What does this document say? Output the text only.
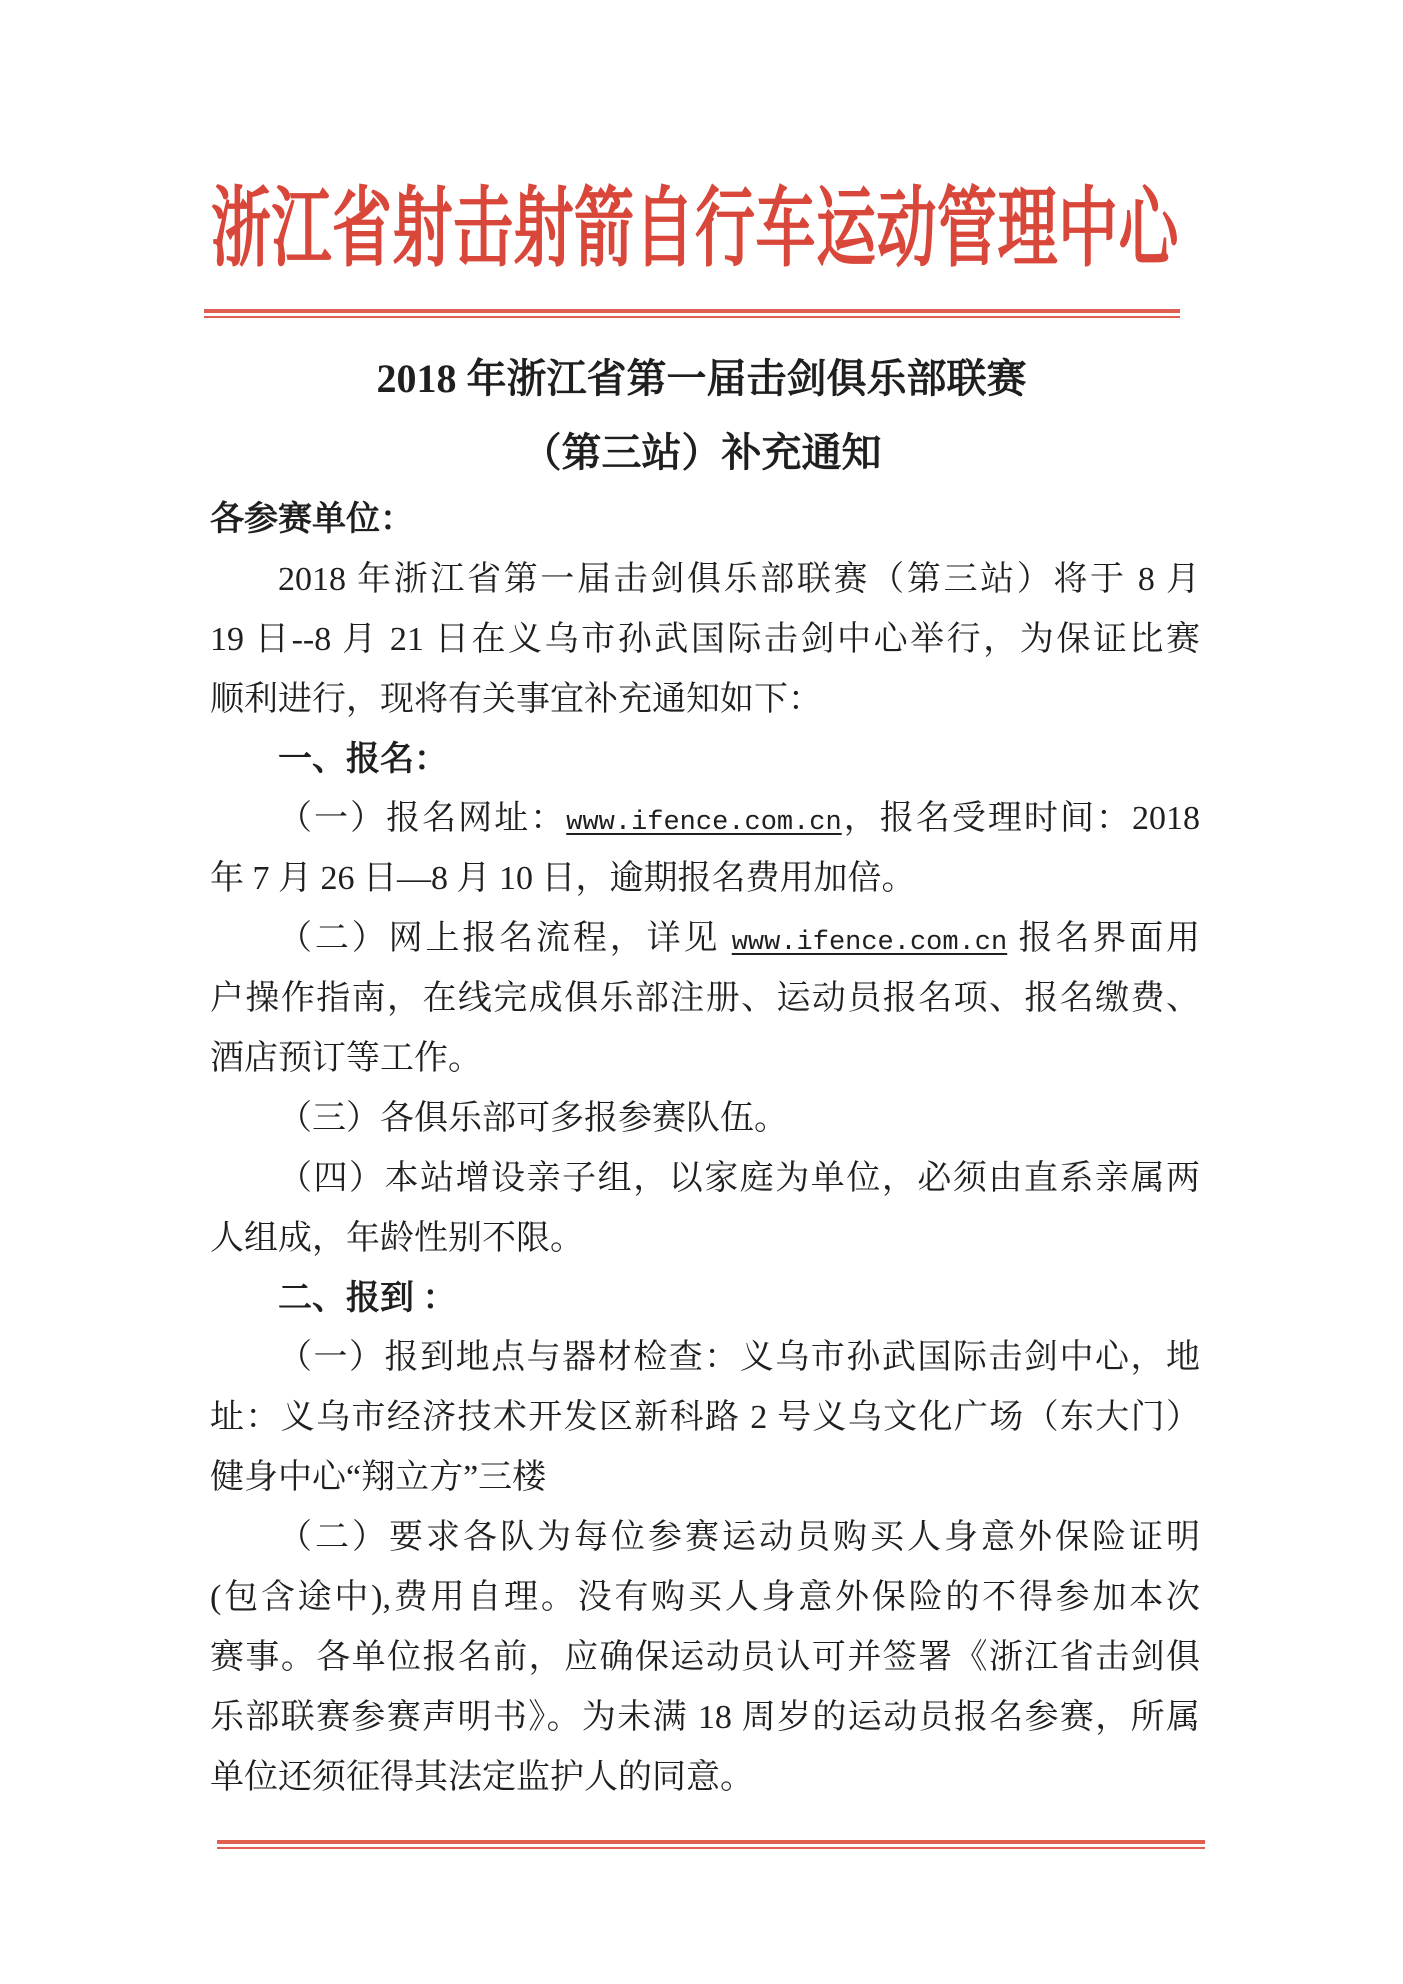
浙江省射击射箭自行车运动管理中心
2018 年浙江省第一届击剑俱乐部联赛
（第三站）补充通知
各参赛单位：
2018 年浙江省第一届击剑俱乐部联赛（第三站）将于 8 月
19 日--8 月 21 日在义乌市孙武国际击剑中心举行，为保证比赛
顺利进行，现将有关事宜补充通知如下：
一、报名：
（一）报名网址：www.ifence.com.cn，报名受理时间：2018
年 7 月 26 日—8 月 10 日，逾期报名费用加倍。
（二）网上报名流程，详见 www.ifence.com.cn 报名界面用
户操作指南，在线完成俱乐部注册、运动员报名项、报名缴费、
酒店预订等工作。
（三）各俱乐部可多报参赛队伍。
（四）本站增设亲子组，以家庭为单位，必须由直系亲属两
人组成，年龄性别不限。
二、报到 ：
（一）报到地点与器材检查：义乌市孙武国际击剑中心，地
址：义乌市经济技术开发区新科路 2 号义乌文化广场（东大门）
健身中心“翔立方”三楼
（二）要求各队为每位参赛运动员购买人身意外保险证明
(包含途中),费用自理。没有购买人身意外保险的不得参加本次
赛事。各单位报名前，应确保运动员认可并签署《浙江省击剑俱
乐部联赛参赛声明书》。为未满 18 周岁的运动员报名参赛，所属
单位还须征得其法定监护人的同意。
